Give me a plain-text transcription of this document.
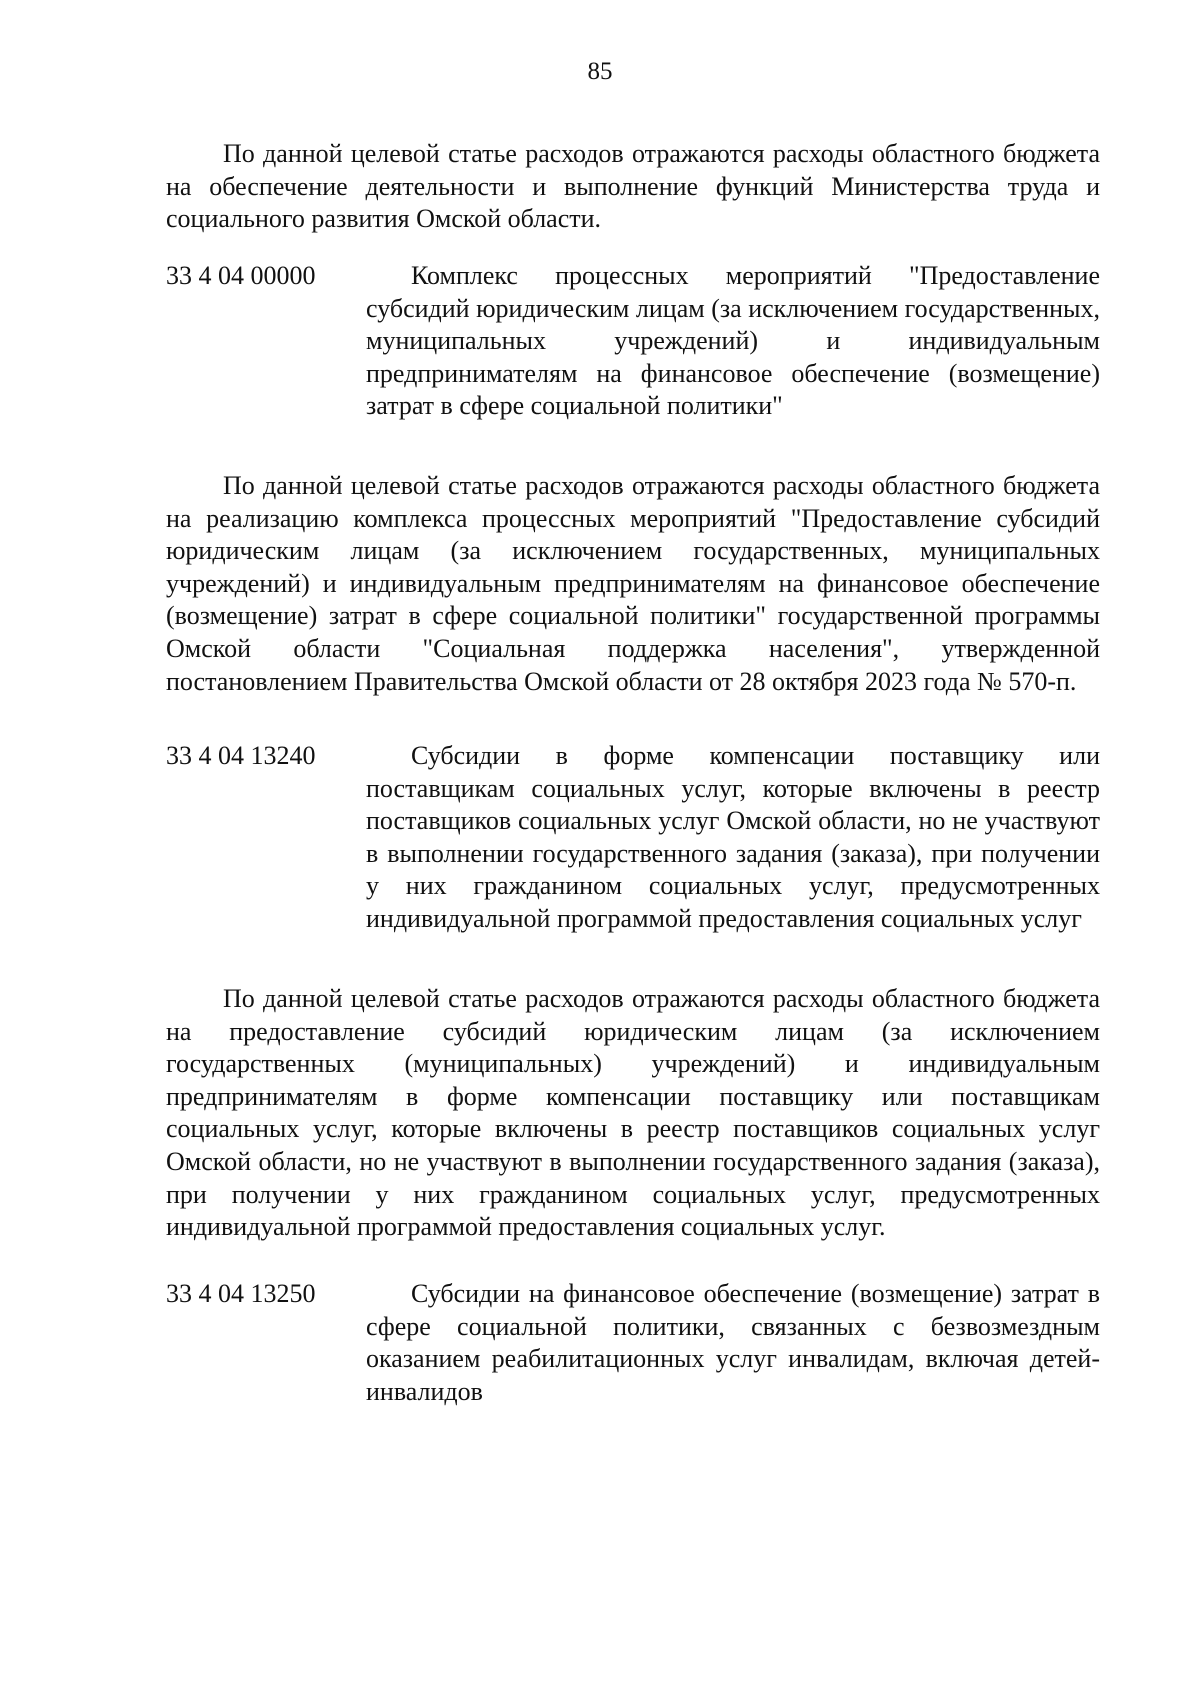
85

По данной целевой статье расходов отражаются расходы областного бюджета на обеспечение деятельности и выполнение функций Министерства труда и социального развития Омской области.

33 4 04 00000	Комплекс процессных мероприятий "Предоставление субсидий юридическим лицам (за исключением государственных, муниципальных учреждений) и индивидуальным предпринимателям на финансовое обеспечение (возмещение) затрат в сфере социальной политики"

По данной целевой статье расходов отражаются расходы областного бюджета на реализацию комплекса процессных мероприятий "Предоставление субсидий юридическим лицам (за исключением государственных, муниципальных учреждений) и индивидуальным предпринимателям на финансовое обеспечение (возмещение) затрат в сфере социальной политики" государственной программы Омской области "Социальная поддержка населения", утвержденной постановлением Правительства Омской области от 28 октября 2023 года № 570-п.

33 4 04 13240	Субсидии в форме компенсации поставщику или поставщикам социальных услуг, которые включены в реестр поставщиков социальных услуг Омской области, но не участвуют в выполнении государственного задания (заказа), при получении у них гражданином социальных услуг, предусмотренных индивидуальной программой предоставления социальных услуг

По данной целевой статье расходов отражаются расходы областного бюджета на предоставление субсидий юридическим лицам (за исключением государственных (муниципальных) учреждений) и индивидуальным предпринимателям в форме компенсации поставщику или поставщикам социальных услуг, которые включены в реестр поставщиков социальных услуг Омской области, но не участвуют в выполнении государственного задания (заказа), при получении у них гражданином социальных услуг, предусмотренных индивидуальной программой предоставления социальных услуг.

33 4 04 13250	Субсидии на финансовое обеспечение (возмещение) затрат в сфере социальной политики, связанных с безвозмездным оказанием реабилитационных услуг инвалидам, включая детей-инвалидов
